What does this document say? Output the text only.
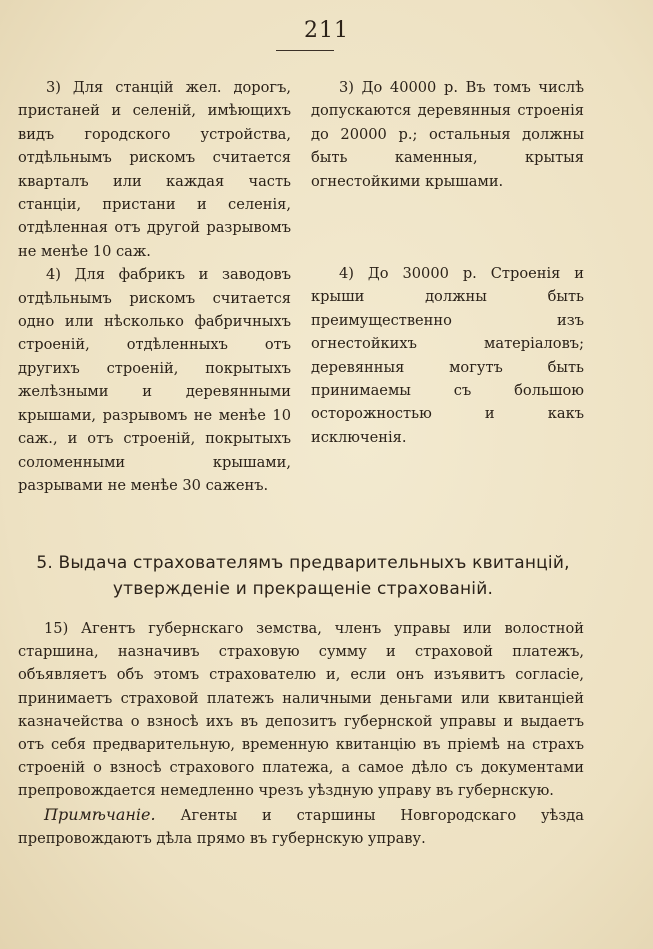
211

3) Для станцій жел. дорогъ, пристаней и селеній, имѣющихъ видъ городского устройства, отдѣльнымъ рискомъ считается кварталъ или каждая часть станціи, пристани и селенія, отдѣленная отъ другой разрывомъ не менѣе 10 саж.

4) Для фабрикъ и заводовъ отдѣльнымъ рискомъ считается одно или нѣсколько фабричныхъ строеній, отдѣленныхъ отъ другихъ строеній, покрытыхъ желѣзными и деревянными крышами, разрывомъ не менѣе 10 саж., и отъ строеній, покрытыхъ соломенными крышами, разрывами не менѣе 30 саженъ.

3) До 40000 р. Въ томъ числѣ допускаются деревянныя строенія до 20000 р.; остальныя должны быть каменныя, крытыя огнестойкими крышами.

4) До 30000 р. Строенія и крыши должны быть преимущественно изъ огнестойкихъ матеріаловъ; деревянныя могутъ быть принимаемы съ большою осторожностью и какъ исключенія.

5. Выдача страхователямъ предварительныхъ квитанцій, утвержденіе и прекращеніе страхованій.

15) Агентъ губернскаго земства, членъ управы или волостной старшина, назначивъ страховую сумму и страховой платежъ, объявляетъ объ этомъ страхователю и, если онъ изъявитъ согласіе, принимаетъ страховой платежъ наличными деньгами или квитанціей казначейства о взносѣ ихъ въ депозитъ губернской управы и выдаетъ отъ себя предварительную, временную квитанцію въ пріемѣ на страхъ строеній о взносѣ страхового платежа, а самое дѣло съ документами препровождается немедленно чрезъ уѣздную управу въ губернскую.

Примѣчаніе. Агенты и старшины Новгородскаго уѣзда препровождаютъ дѣла прямо въ губернскую управу.
